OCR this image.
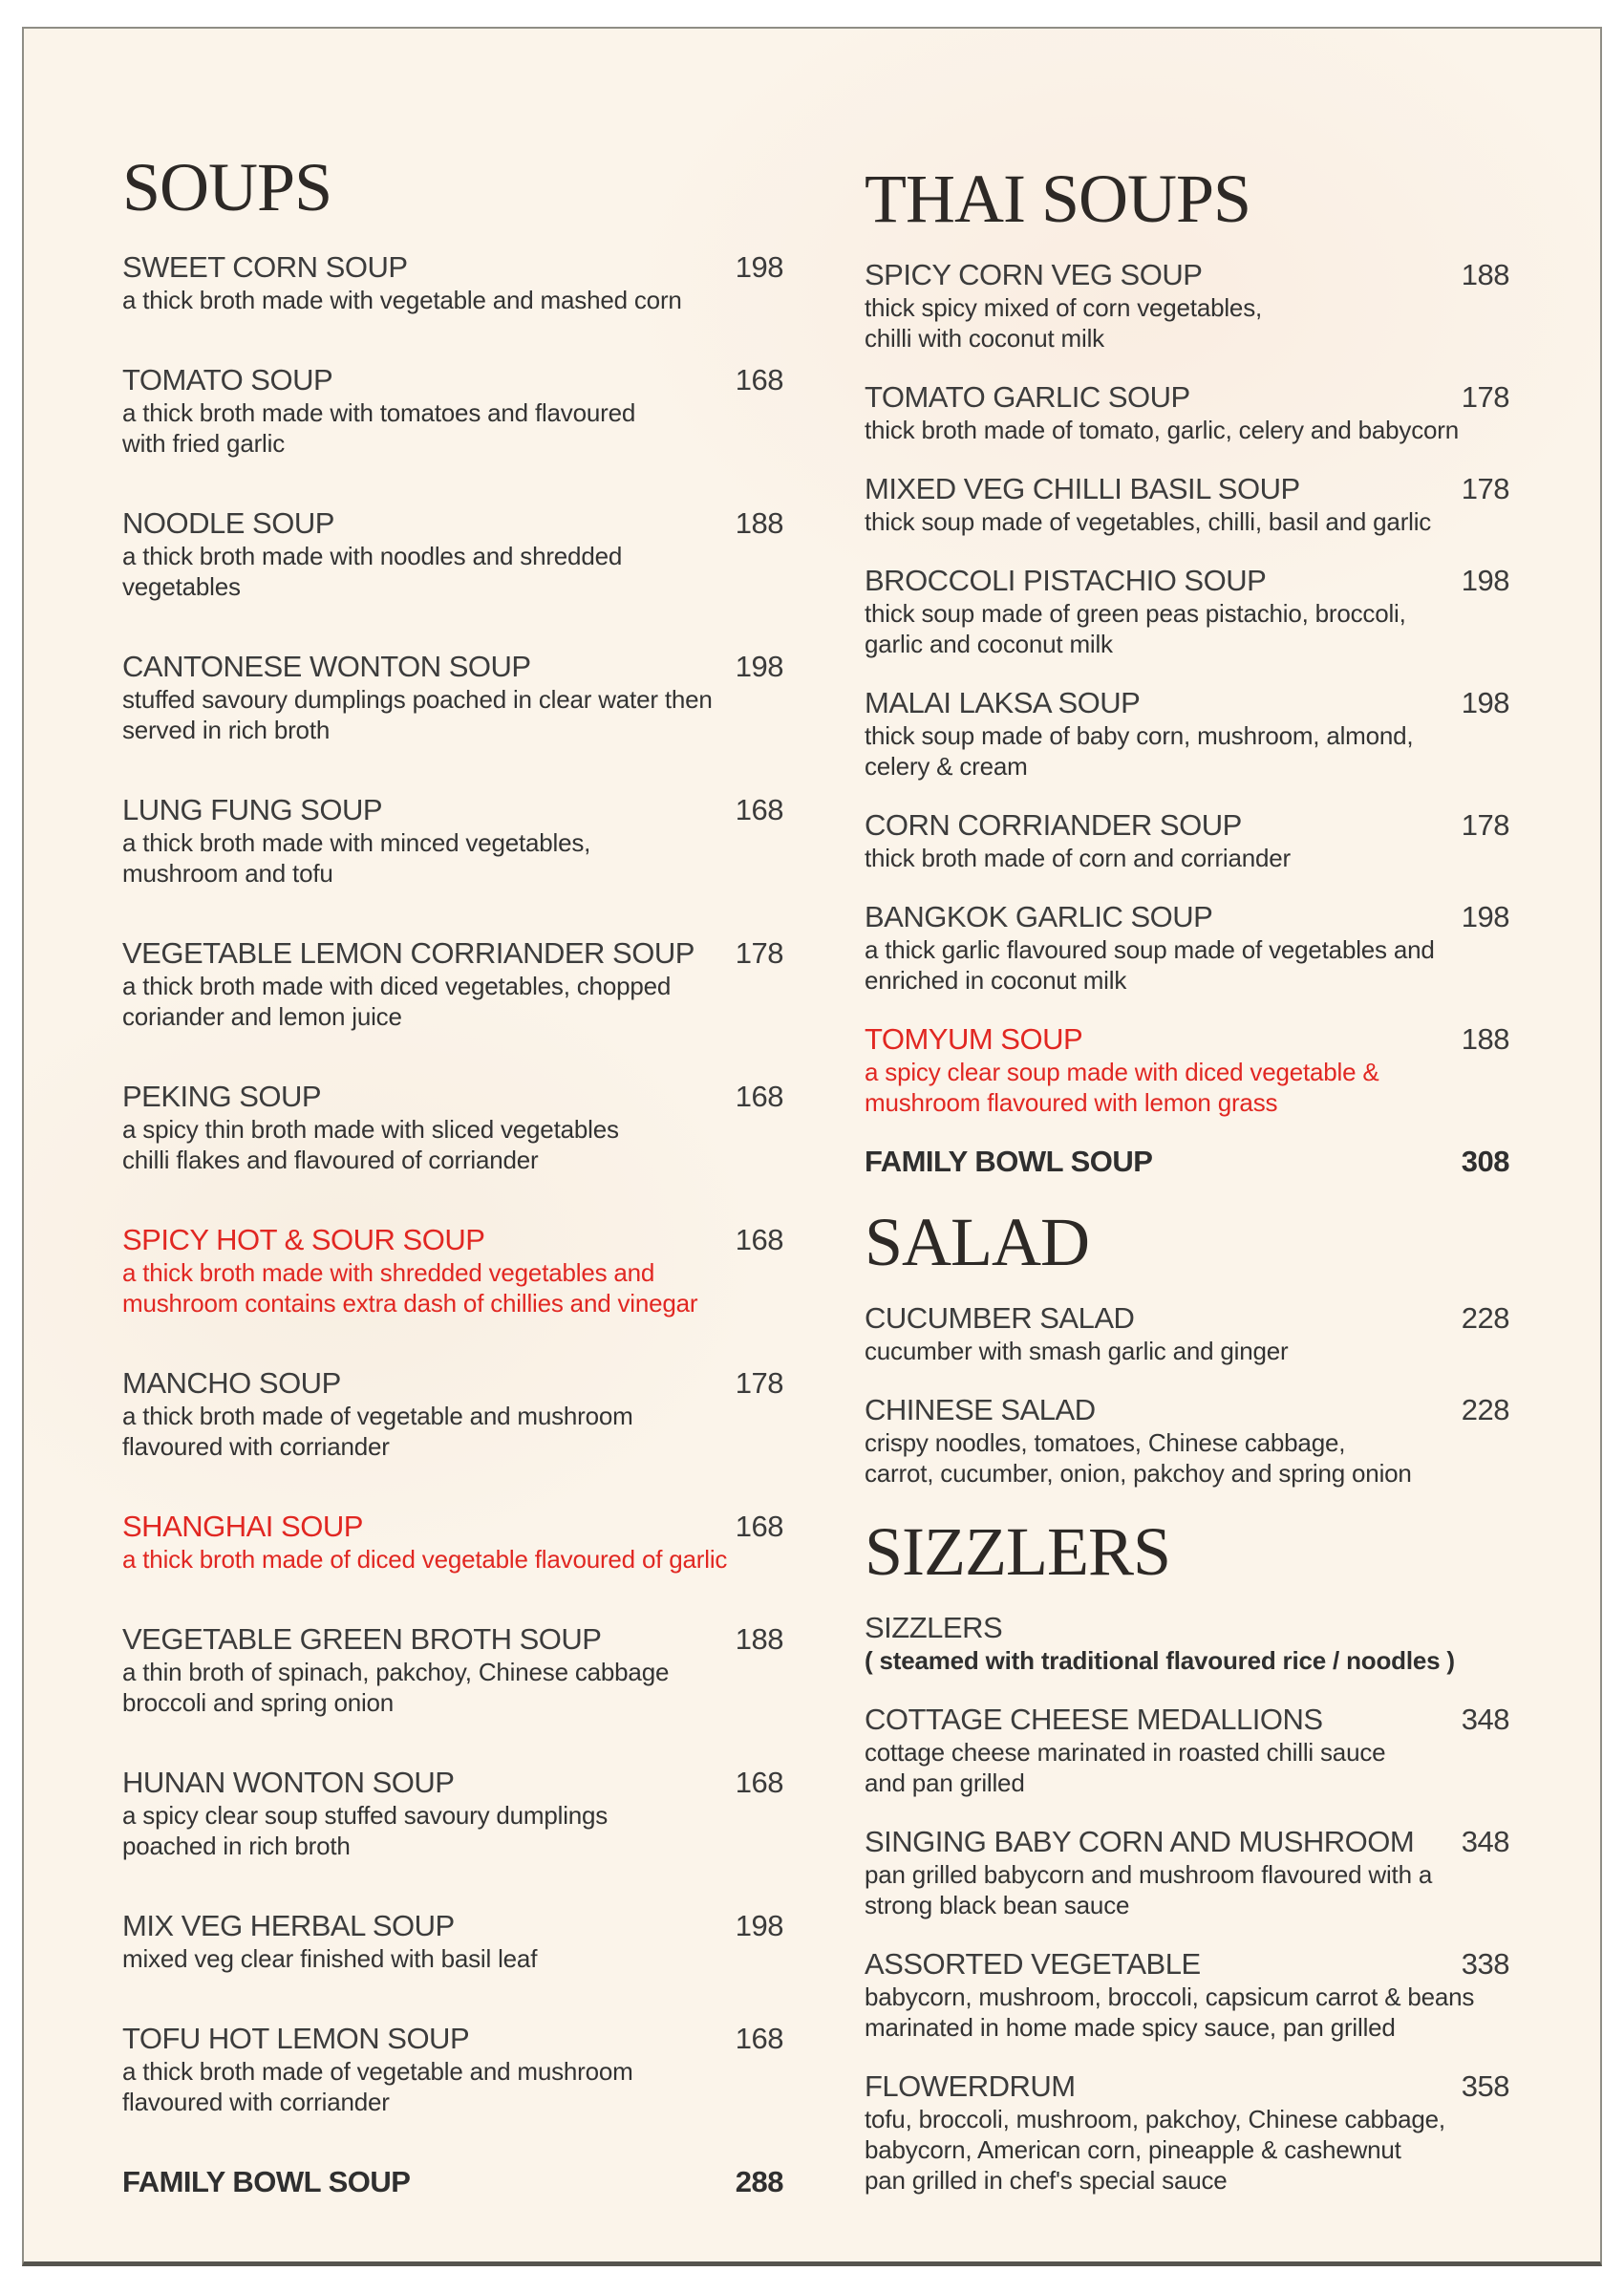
SOUPS
SWEET CORN SOUP	198
a thick broth made with vegetable and mashed corn
TOMATO SOUP	168
a thick broth made with tomatoes and flavoured
with fried garlic
NOODLE SOUP	188
a thick broth made with noodles and shredded
vegetables
CANTONESE WONTON SOUP	198
stuffed savoury dumplings poached in clear water then
served in rich broth
LUNG FUNG SOUP	168
a thick broth made with minced vegetables,
mushroom and tofu
VEGETABLE LEMON CORRIANDER SOUP 178
a thick broth made with diced vegetables, chopped
coriander and lemon juice
PEKING SOUP	168
a spicy thin broth made with sliced vegetables
chilli flakes and flavoured of corriander
SPICY HOT & SOUR SOUP	168
a thick broth made with shredded vegetables and
mushroom contains extra dash of chillies and vinegar
MANCHO SOUP	178
a thick broth made of vegetable and mushroom
flavoured with corriander
SHANGHAI SOUP	168
a thick broth made of diced vegetable flavoured of garlic
VEGETABLE GREEN BROTH SOUP	188
a thin broth of spinach, pakchoy, Chinese cabbage
broccoli and spring onion
HUNAN WONTON SOUP	168
a spicy clear soup stuffed savoury dumplings
poached in rich broth
MIX VEG HERBAL SOUP	198
mixed veg clear finished with basil leaf
TOFU HOT LEMON SOUP	168
a thick broth made of vegetable and mushroom
flavoured with corriander
FAMILY BOWL SOUP	288
THAI SOUPS
SPICY CORN VEG SOUP	188
thick spicy mixed of corn vegetables,
chilli with coconut milk
TOMATO GARLIC SOUP	178
thick broth made of tomato, garlic, celery and babycorn
MIXED VEG CHILLI BASIL SOUP	178
thick soup made of vegetables, chilli, basil and garlic
BROCCOLI PISTACHIO SOUP	198
thick soup made of green peas pistachio, broccoli,
garlic and coconut milk
MALAI LAKSA SOUP	198
thick soup made of baby corn, mushroom, almond,
celery & cream
CORN CORRIANDER SOUP	178
thick broth made of corn and corriander
BANGKOK GARLIC SOUP	198
a thick garlic flavoured soup made of vegetables and
enriched in coconut milk
TOMYUM SOUP	188
a spicy clear soup made with diced vegetable &
mushroom flavoured with lemon grass
FAMILY BOWL SOUP	308
SALAD
CUCUMBER SALAD	228
cucumber with smash garlic and ginger
CHINESE SALAD	228
crispy noodles, tomatoes, Chinese cabbage,
carrot, cucumber, onion, pakchoy and spring onion
SIZZLERS
SIZZLERS
( steamed with traditional flavoured rice / noodles )
COTTAGE CHEESE MEDALLIONS	348
cottage cheese marinated in roasted chilli sauce
and pan grilled
SINGING BABY CORN AND MUSHROOM 348
pan grilled babycorn and mushroom flavoured with a
strong black bean sauce
ASSORTED VEGETABLE	338
babycorn, mushroom, broccoli, capsicum carrot & beans
marinated in home made spicy sauce, pan grilled
FLOWERDRUM	358
tofu, broccoli, mushroom, pakchoy, Chinese cabbage,
babycorn, American corn, pineapple & cashewnut
pan grilled in chef's special sauce
